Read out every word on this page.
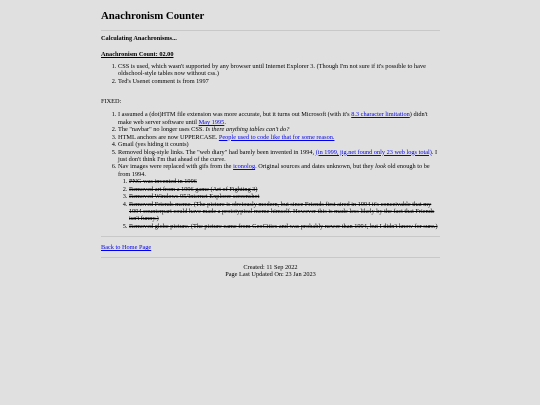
Anachronism Counter
Calculating Anachronisms...
Anachronism Count: 02.00
1. CSS is used, which wasn't supported by any browser until Internet Explorer 3. (Though I'm not sure if it's possible to have oldschool-style tables now without css.)
2. Ted's Usenet comment is from 1997
FIXED:
1. I assumed a (dot)HTM file extension was more accurate, but it turns out Microsoft (with it's 8.3 character limitation) didn't make web server software until May 1995.
2. The "navbar" no longer uses CSS. Is there anything tables can't do?
3. HTML anchors are now UPPERCASE. People used to code like that for some reason.
4. Gmail (yes hiding it counts)
5. Removed blog-style links. The "web diary" had barely been invented in 1994, (in 1999, jig.net found only 23 web logs total). I just don't think I'm that ahead of the curve.
6. Nav images were replaced with gifs from the iconolog. Original sources and dates unknown, but they look old enough to be from 1994.
1. PNG was invented in 1996
2. Removed art from a 1996 game (Art of Fighting 3)
3. Removed Windows 95/Internet Explorer screenshot
4. Removed Friends meme. (The picture is obviously modern, but since Friends first aired in 1994 it's conceivable that my 1994 counterpart could have made a prototypical meme himself. However this is made less likely by the fact that Friends isn't funny.)
5. Removed globe picture. (The picture came from GeoCities and was probably newer than 1994, but I didn't know for sure.)
Back to Home Page
Created: 11 Sep 2022
Page Last Updated On: 23 Jan 2023
